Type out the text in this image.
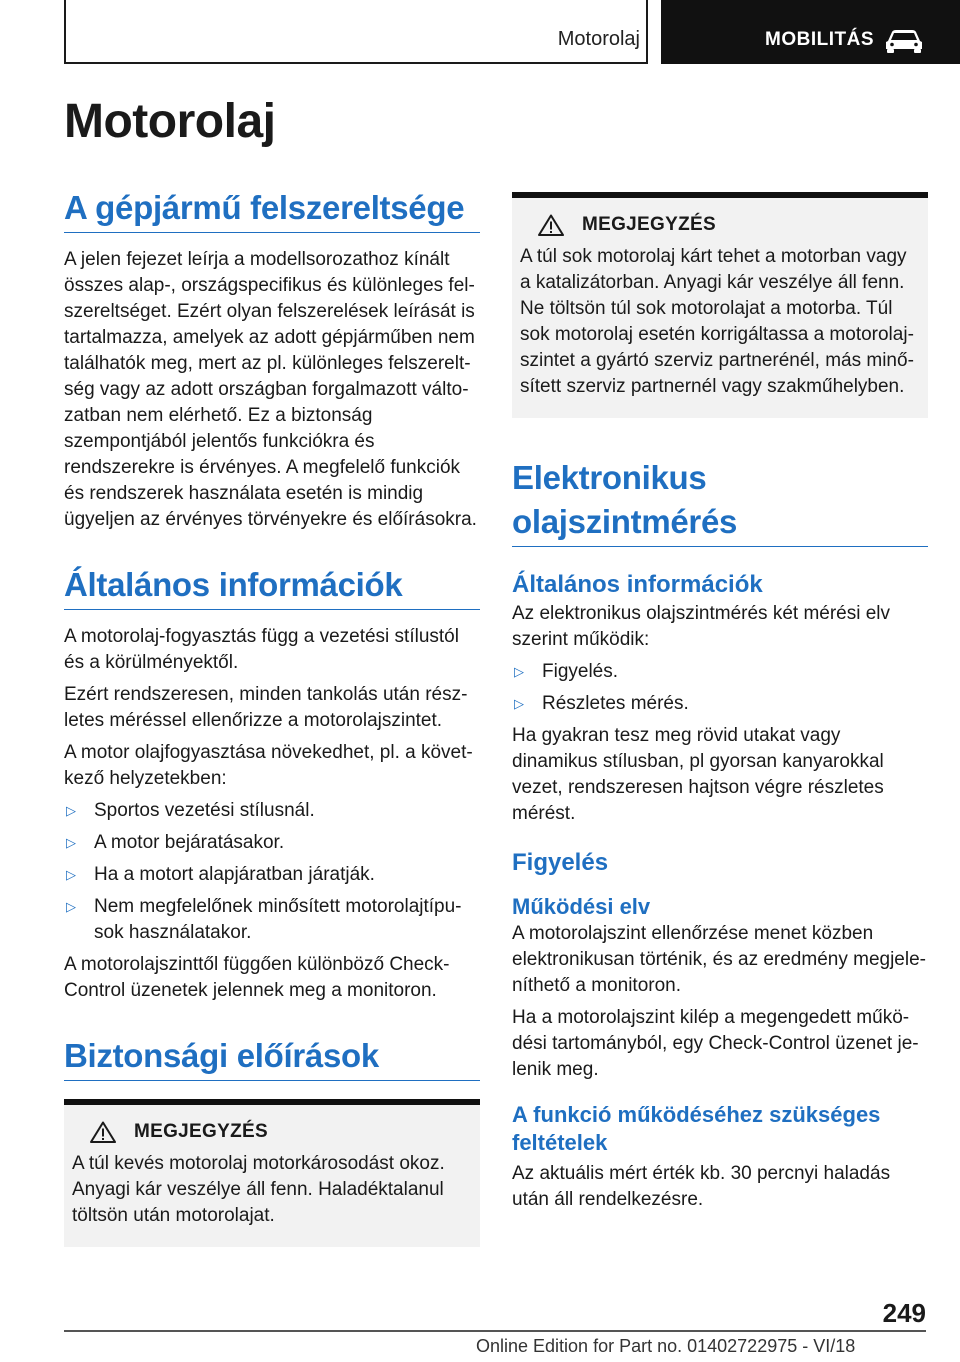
Motorolaj	MOBILITÁS
Motorolaj
A gépjármű felszereltsége

A jelen fejezet leírja a modellsorozathoz kínált összes alap-, országspecifikus és különleges felszereltséget. Ezért olyan felszerelések leírását is tartalmazza, amelyek az adott gépjárműben nem találhatók meg, mert az pl. különleges felszereltség vagy az adott országban forgalmazott változatban nem elérhető. Ez a biztonság szempontjából jelentős funkciókra és rendszerekre is érvényes. A megfelelő funkciók és rendszerek használata esetén is mindig ügyeljen az érvényes törvényekre és előírásokra.

Általános információk

A motorolaj-fogyasztás függ a vezetési stílustól és a körülményektől.

Ezért rendszeresen, minden tankolás után részletes méréssel ellenőrizze a motorolajszintet.

A motor olajfogyasztása növekedhet, pl. a következő helyzetekben:

▷ Sportos vezetési stílusnál.
▷ A motor bejáratásakor.
▷ Ha a motort alapjáratban járatják.
▷ Nem megfelelőnek minősített motorolajtípusok használatakor.

A motorolajszinttől függően különböző Check-Control üzenetek jelennek meg a monitoron.

Biztonsági előírások
MEGJEGYZÉS

A túl kevés motorolaj motorkárosodást okoz. Anyagi kár veszélye áll fenn. Haladéktalanul töltsön után motorolajat.

MEGJEGYZÉS

A túl sok motorolaj kárt tehet a motorban vagy a katalizátorban. Anyagi kár veszélye áll fenn. Ne töltsön túl sok motorolajat a motorba. Túl sok motorolaj esetén korrigáltassa a motorolajszintet a gyártó szerviz partnerénél, más minősített szerviz partnernél vagy szakműhelyben.

Elektronikus olajszintmérés
Általános információk

Az elektronikus olajszintmérés két mérési elv szerint működik:

▷ Figyelés.
▷ Részletes mérés.

Ha gyakran tesz meg rövid utakat vagy dinamikus stílusban, pl gyorsan kanyarokkal vezet, rendszeresen hajtson végre részletes mérést.

Figyelés
Működési elv

A motorolajszint ellenőrzése menet közben elektronikusan történik, és az eredmény megjeleníthető a monitoron.

Ha a motorolajszint kilép a megengedett működési tartományból, egy Check-Control üzenet jelenik meg.

A funkció működéséhez szükséges feltételek

Az aktuális mért érték kb. 30 percnyi haladás után áll rendelkezésre.

249
Online Edition for Part no. 01402722975 - VI/18
